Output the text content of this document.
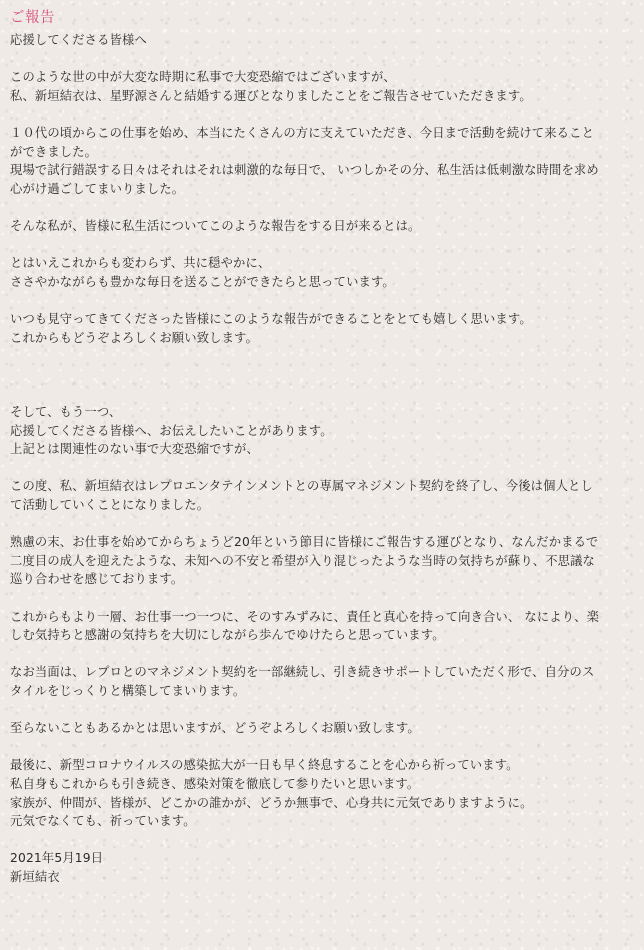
ご報告
応援してくださる皆様へ
このような世の中が大変な時期に私事で大変恐縮ではございますが、
私、新垣結衣は、星野源さんと結婚する運びとなりましたことをご報告させていただきます。
１０代の頃からこの仕事を始め、本当にたくさんの方に支えていただき、今日まで活動を続けて来ること
ができました。
現場で試行錯誤する日々はそれはそれは刺激的な毎日で、 いつしかその分、私生活は低刺激な時間を求め
心がけ過ごしてまいりました。
そんな私が、皆様に私生活についてこのような報告をする日が来るとは。
とはいえこれからも変わらず、共に穏やかに、
ささやかながらも豊かな毎日を送ることができたらと思っています。
いつも見守ってきてくださった皆様にこのような報告ができることをとても嬉しく思います。
これからもどうぞよろしくお願い致します。
そして、もう一つ、
応援してくださる皆様へ、お伝えしたいことがあります。
上記とは関連性のない事で大変恐縮ですが、
この度、私、新垣結衣はレプロエンタテインメントとの専属マネジメント契約を終了し、今後は個人とし
て活動していくことになりました。
熟慮の末、お仕事を始めてからちょうど20年という節目に皆様にご報告する運びとなり、なんだかまるで
二度目の成人を迎えたような、未知への不安と希望が入り混じったような当時の気持ちが蘇り、不思議な
巡り合わせを感じております。
これからもより一層、お仕事一つ一つに、そのすみずみに、責任と真心を持って向き合い、 なにより、楽
しむ気持ちと感謝の気持ちを大切にしながら歩んでゆけたらと思っています。
なお当面は、レプロとのマネジメント契約を一部継続し、引き続きサポートしていただく形で、自分のス
タイルをじっくりと構築してまいります。
至らないこともあるかとは思いますが、どうぞよろしくお願い致します。
最後に、新型コロナウイルスの感染拡大が一日も早く終息することを心から祈っています。
私自身もこれからも引き続き、感染対策を徹底して参りたいと思います。
家族が、仲間が、皆様が、どこかの誰かが、どうか無事で、心身共に元気でありますように。
元気でなくても、祈っています。
2021年5月19日
新垣結衣
